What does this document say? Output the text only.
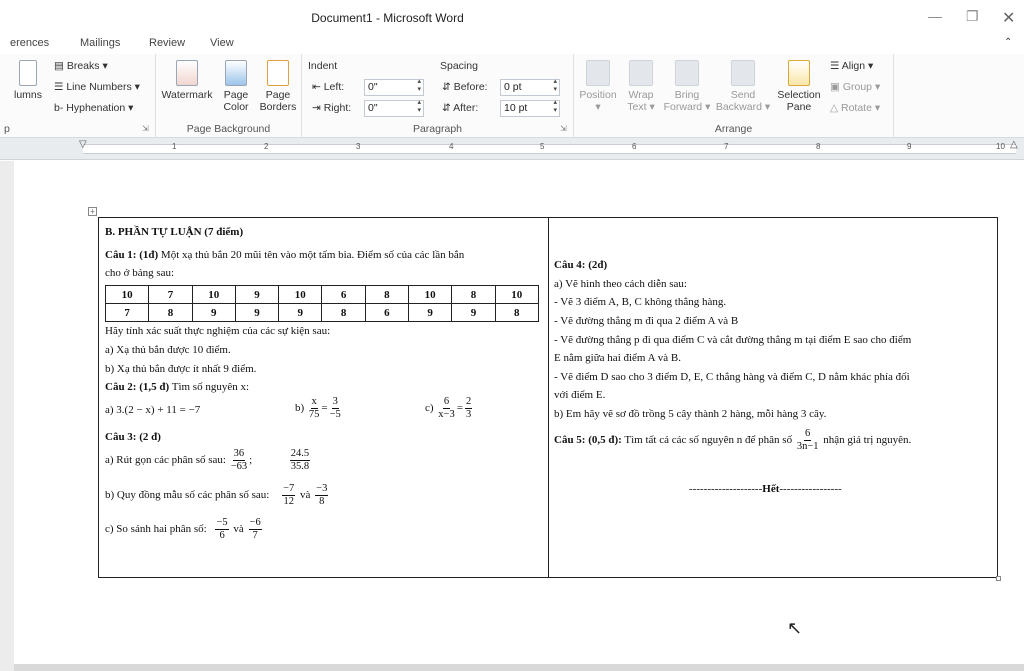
Document1 - Microsoft Word	— ❐ ✕
erences	Mailings	Review View	⌃
lumns
▤ Breaks ▾
☰ Line Numbers ▾
b‐ Hyphenation ▾
p	⇲
Watermark	Page
Color
Page
Borders
Page Background
Indent
⇤ Left:	0" ▴ ▾
⇥ Right:	0" ▴ ▾
Spacing
⇵ Before:	0 pt ▴ ▾
⇵ After:	10 pt ▴ ▾
Paragraph	⇲
Position
▾
Wrap
Text ▾
Bring
Forward ▾
Send
Backward ▾
Selection
Pane
☰ Align ▾
▣ Group ▾
△ Rotate ▾
Arrange
1	2	3	4	5	6	7	8	9	10
▽	△
+
B. PHẦN TỰ LUẬN (7 điểm)
Câu 1: (1đ) Một xạ thủ bắn 20 mũi tên vào một tấm bia. Điểm số của các lần bắn
cho ở bảng sau:
10	7	10	9	10	6	8	10	8	10
7	8	9	9	9	8	6	9	9	8
Hãy tính xác suất thực nghiệm của các sự kiện sau:
a) Xạ thủ bắn được 10 điểm.
b) Xạ thủ bắn được ít nhất 9 điểm.
Câu 2: (1,5 đ) Tìm số nguyên x:
a) 3.(2 − x) + 11 = −7	$b) \frac{x}{75} = \frac{3}{-5}$	$c) \frac{6}{x-3} = \frac{2}{3}$
Câu 3: (2 đ)
a) Rút gọn các phân số sau: $\frac{36}{-63}$ ;	$\frac{24.5}{35.8}$
b) Quy đồng mẫu số các phân số sau: $\frac{-7}{12}$ và $\frac{-3}{8}$
c) So sánh hai phân số: $\frac{-5}{6}$ và $\frac{-6}{7}$
Câu 4: (2đ)
a) Vẽ hình theo cách diễn sau:
- Vẽ 3 điểm A, B, C không thẳng hàng.
- Vẽ đường thẳng m đi qua 2 điểm A và B
- Vẽ đường thẳng p đi qua điểm C và cắt đường thẳng m tại điểm E sao cho điểm
E nằm giữa hai điểm A và B.
- Vẽ điểm D sao cho 3 điểm D, E, C thẳng hàng và điểm C, D nằm khác phía đối
với điểm E.
b) Em hãy vẽ sơ đồ trồng 5 cây thành 2 hàng, mỗi hàng 3 cây.
Câu 5: (0,5 đ): Tìm tất cả các số nguyên n để phân số $\frac{6}{3n-1}$ nhận giá trị nguyên.
--------------------Hết-----------------
↖
